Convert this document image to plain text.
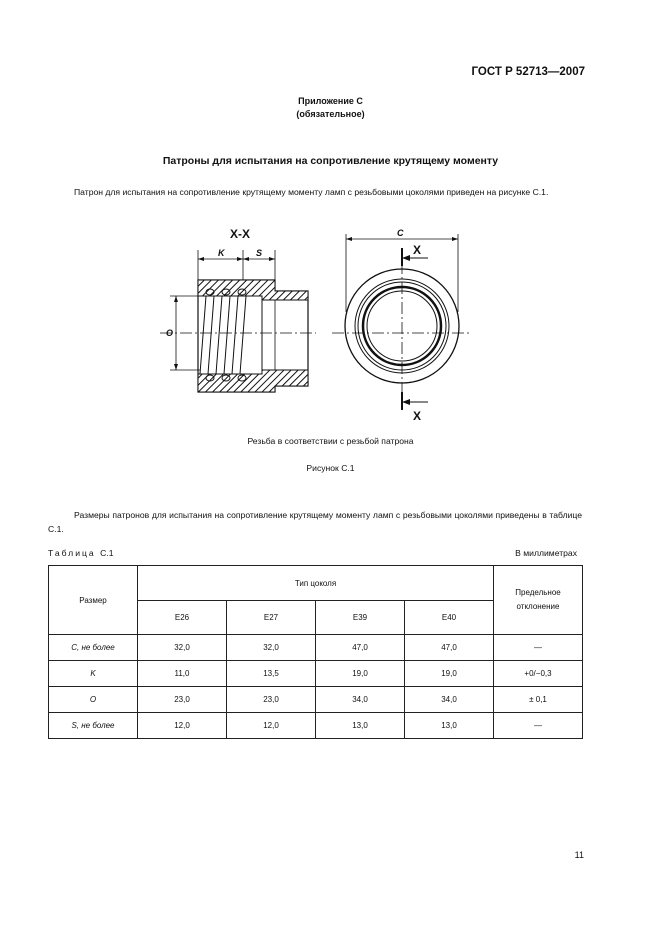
ГОСТ Р 52713—2007
Приложение С
(обязательное)
Патроны для испытания на сопротивление крутящему моменту
Патрон для испытания на сопротивление крутящему моменту ламп с резьбовыми цоколями приведен на рисунке С.1.
X-X
K	S
O
C
X
X
Резьба в соответствии с резьбой патрона
Рисунок С.1
Размеры патронов для испытания на сопротивление крутящему моменту ламп с резьбовыми цоколями приведены в таблице С.1.
Таблица С.1	В миллиметрах
Размер	Тип цоколя				Предельное отклонение
	E26	E27	E39	E40	
С, не более	32,0	32,0	47,0	47,0	—
K	11,0	13,5	19,0	19,0	+0/−0,3
O	23,0	23,0	34,0	34,0	± 0,1
S, не более	12,0	12,0	13,0	13,0	—
11
